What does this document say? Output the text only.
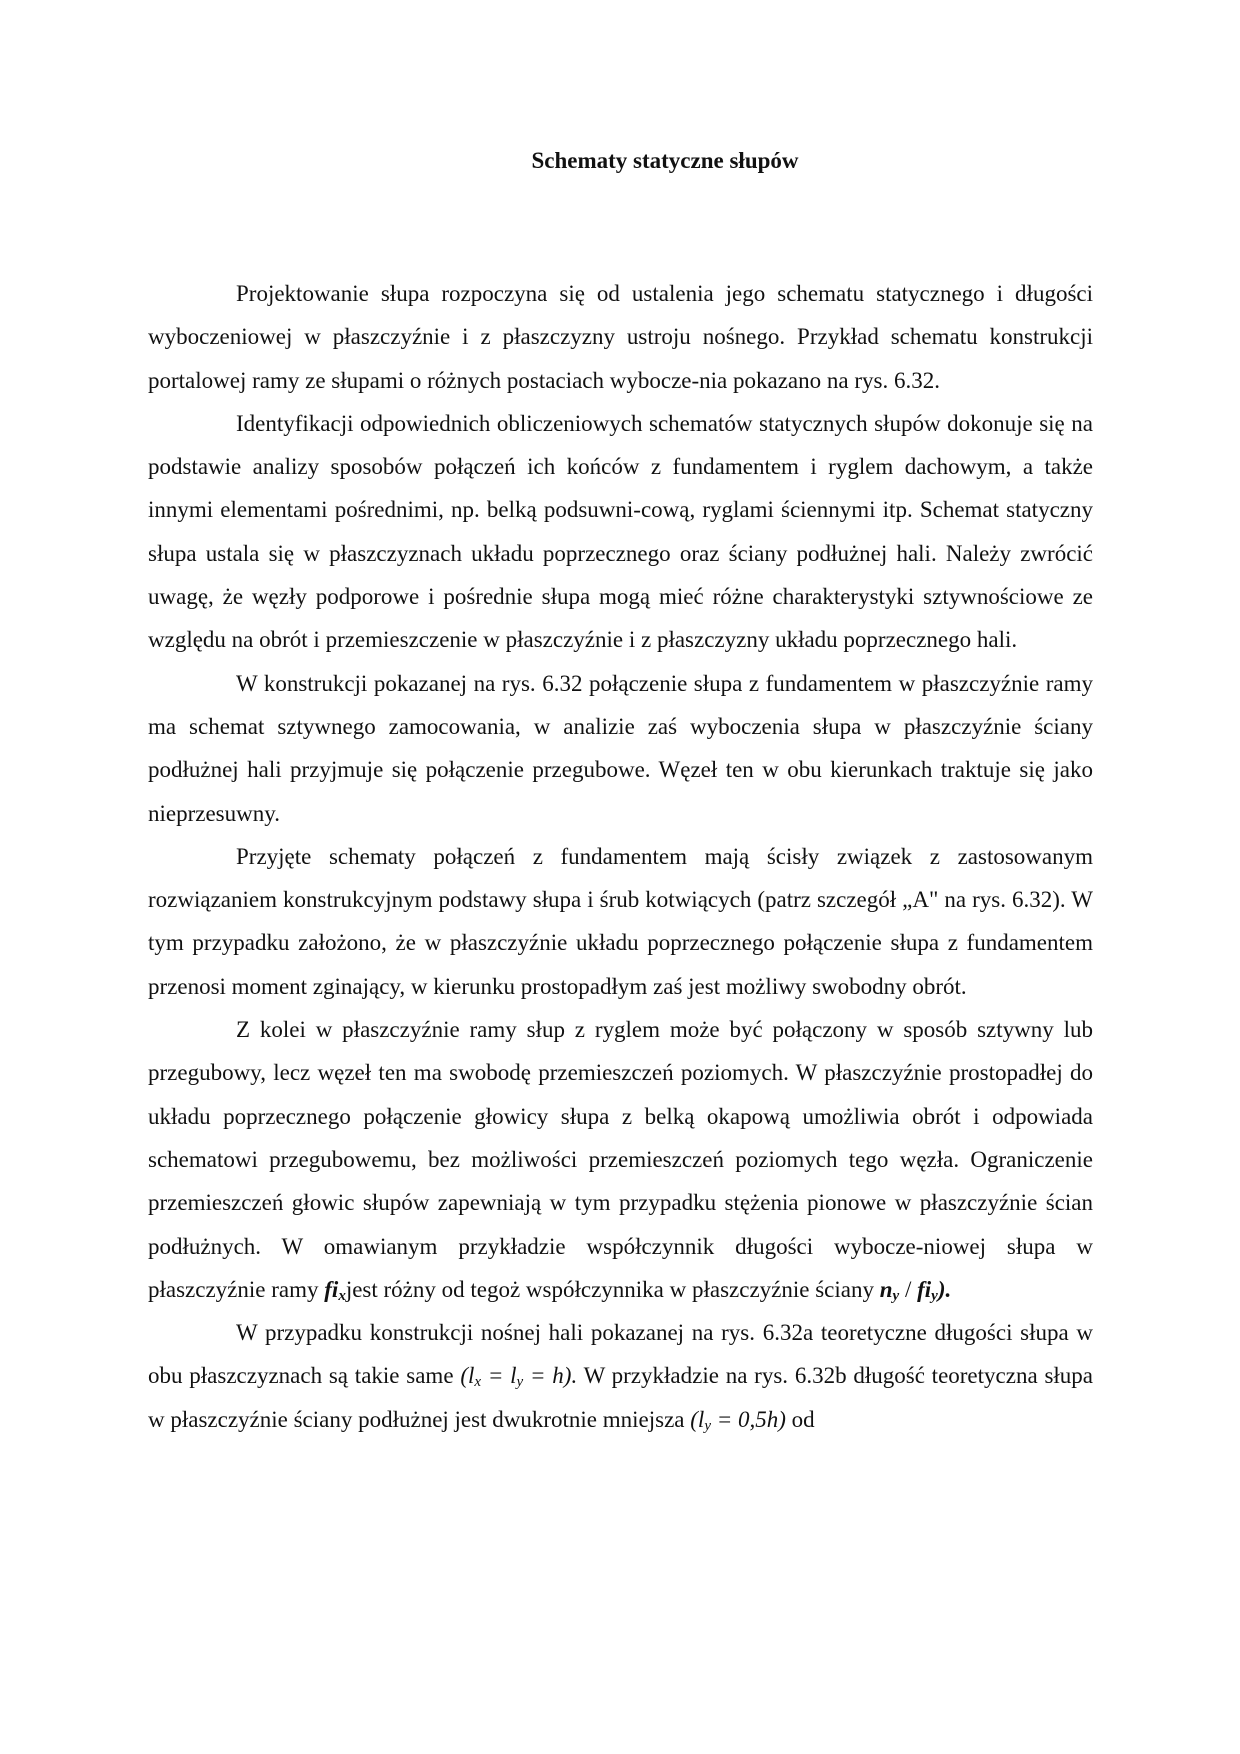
Schematy statyczne słupów

Projektowanie słupa rozpoczyna się od ustalenia jego schematu statycznego i długości wyboczeniowej w płaszczyźnie i z płaszczyzny ustroju nośnego. Przykład schematu konstrukcji portalowej ramy ze słupami o różnych postaciach wybocze-nia pokazano na rys. 6.32.

Identyfikacji odpowiednich obliczeniowych schematów statycznych słupów dokonuje się na podstawie analizy sposobów połączeń ich końców z fundamentem i ryglem dachowym, a także innymi elementami pośrednimi, np. belką podsuwni-cową, ryglami ściennymi itp. Schemat statyczny słupa ustala się w płaszczyznach układu poprzecznego oraz ściany podłużnej hali. Należy zwrócić uwagę, że węzły podporowe i pośrednie słupa mogą mieć różne charakterystyki sztywnościowe ze względu na obrót i przemieszczenie w płaszczyźnie i z płaszczyzny układu poprzecznego hali.

W konstrukcji pokazanej na rys. 6.32 połączenie słupa z fundamentem w płaszczyźnie ramy ma schemat sztywnego zamocowania, w analizie zaś wyboczenia słupa w płaszczyźnie ściany podłużnej hali przyjmuje się połączenie przegubowe. Węzeł ten w obu kierunkach traktuje się jako nieprzesuwny.

Przyjęte schematy połączeń z fundamentem mają ścisły związek z zastosowanym rozwiązaniem konstrukcyjnym podstawy słupa i śrub kotwiących (patrz szczegół „A" na rys. 6.32). W tym przypadku założono, że w płaszczyźnie układu poprzecznego połączenie słupa z fundamentem przenosi moment zginający, w kierunku prostopadłym zaś jest możliwy swobodny obrót.

Z kolei w płaszczyźnie ramy słup z ryglem może być połączony w sposób sztywny lub przegubowy, lecz węzeł ten ma swobodę przemieszczeń poziomych. W płaszczyźnie prostopadłej do układu poprzecznego połączenie głowicy słupa z belką okapową umożliwia obrót i odpowiada schematowi przegubowemu, bez możliwości przemieszczeń poziomych tego węzła. Ograniczenie przemieszczeń głowic słupów zapewniają w tym przypadku stężenia pionowe w płaszczyźnie ścian podłużnych. W omawianym przykładzie współczynnik długości wybocze-niowej słupa w płaszczyźnie ramy $fi_xjest$ różny od tegoż współczynnika w płaszczyźnie ściany $n_y / fi_y$).

W przypadku konstrukcji nośnej hali pokazanej na rys. 6.32a teoretyczne długości słupa w obu płaszczyznach są takie same $(l_x = l_y = h)$. W przykładzie na rys. 6.32b długość teoretyczna słupa w płaszczyźnie ściany podłużnej jest dwukrotnie mniejsza $(l_y = 0,5h)$ od
